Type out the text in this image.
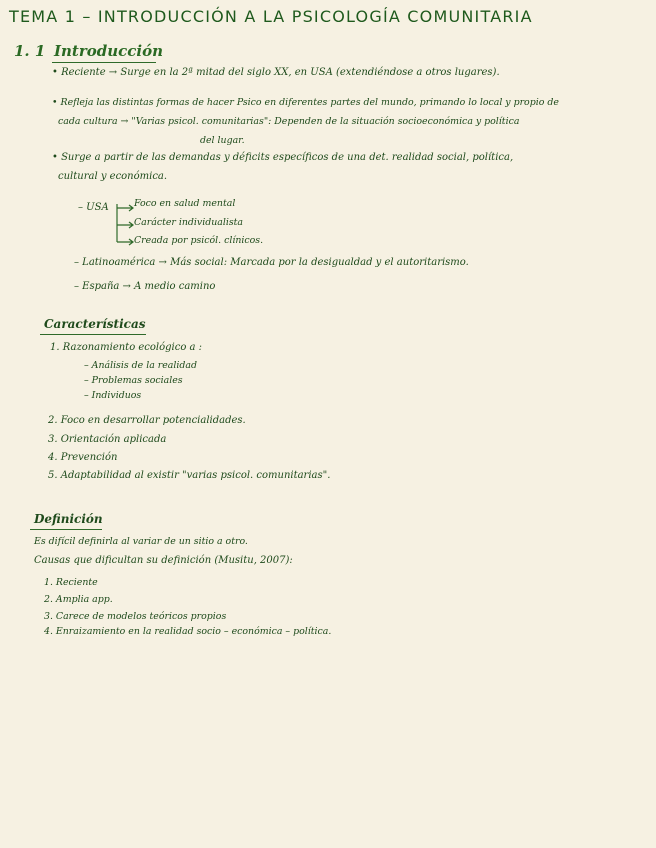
TEMA 1 – INTRODUCCIÓN A LA PSICOLOGÍA COMUNITARIA
1. 1 Introducción
• Reciente → Surge en la 2ª mitad del siglo XX, en USA (extendiéndose a otros lugares).
• Refleja las distintas formas de hacer Psico en diferentes partes del mundo, primando lo local y propio de
cada cultura → "Varias psicol. comunitarias": Dependen de la situación socioeconómica y política
del lugar.
• Surge a partir de las demandas y déficits específicos de una det. realidad social, política,
cultural y económica.
– USA	Foco en salud mental
Carácter individualista
Creada por psicól. clínicos.
– Latinoamérica → Más social: Marcada por la desigualdad y el autoritarismo.
– España → A medio camino
Características
1. Razonamiento ecológico a :
– Análisis de la realidad
– Problemas sociales
– Individuos
2. Foco en desarrollar potencialidades.
3. Orientación aplicada
4. Prevención
5. Adaptabilidad al existir "varias psicol. comunitarias".
Definición
Es difícil definirla al variar de un sitio a otro.
Causas que dificultan su definición (Musitu, 2007):
1. Reciente
2. Amplia app.
3. Carece de modelos teóricos propios
4. Enraizamiento en la realidad socio – económica – política.
